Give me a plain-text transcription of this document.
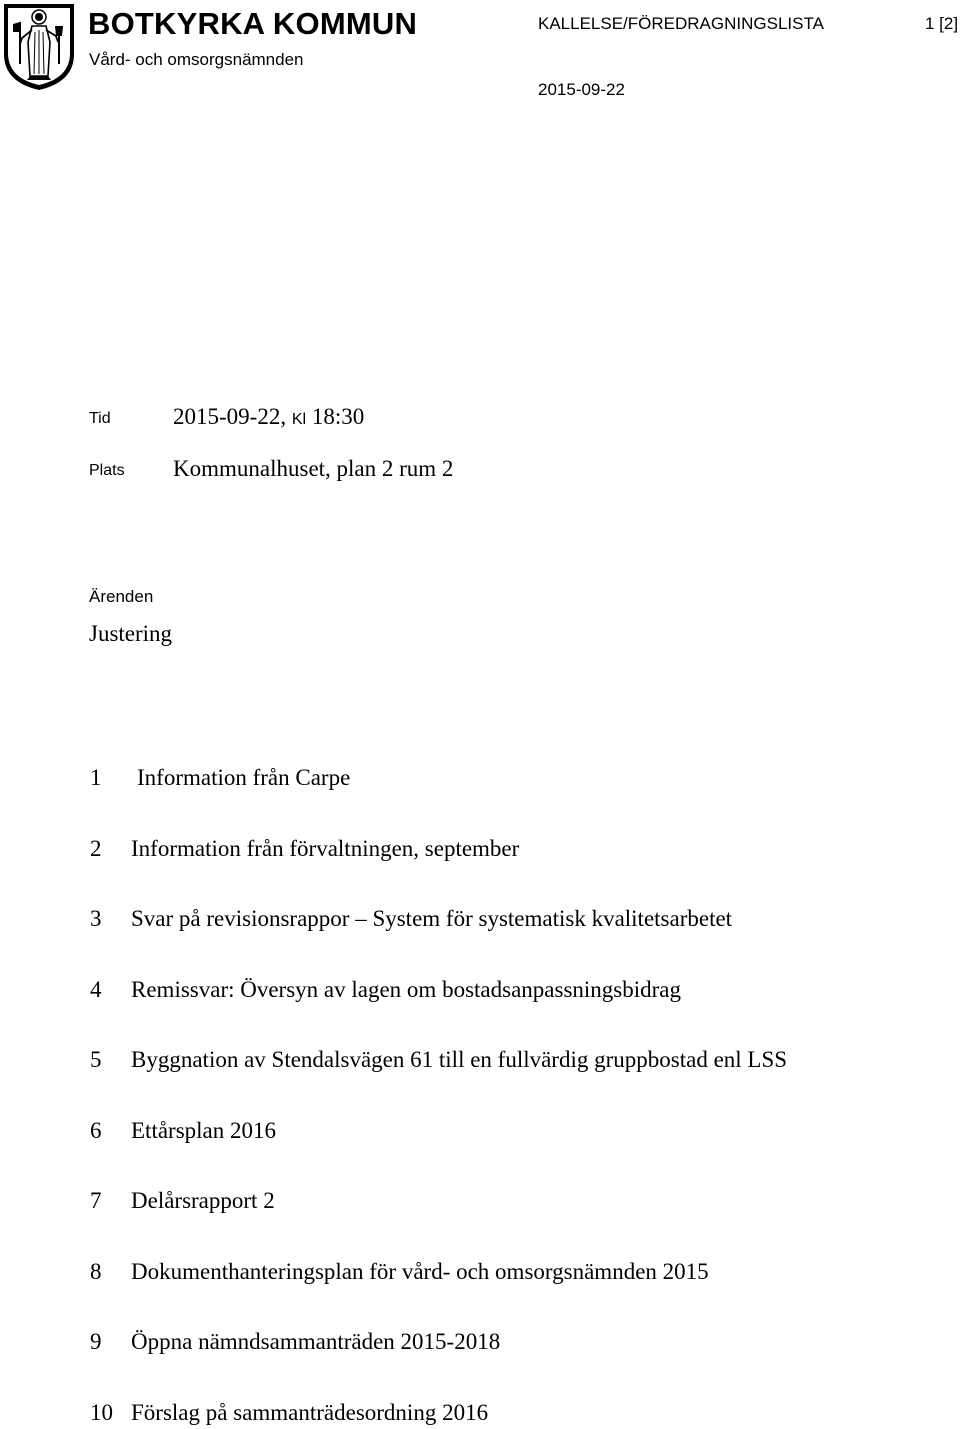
BOTKYRKA KOMMUN
Vård- och omsorgsnämnden
KALLELSE/FÖREDRAGNINGSLISTA	1 [2]
2015-09-22
Tid	2015-09-22, Kl 18:30
Plats Kommunalhuset, plan 2 rum 2
Ärenden
Justering
1 Information från Carpe
2 Information från förvaltningen, september
3 Svar på revisionsrappor – System för systematisk kvalitetsarbetet
4 Remissvar: Översyn av lagen om bostadsanpassningsbidrag
5 Byggnation av Stendalsvägen 61 till en fullvärdig gruppbostad enl LSS
6 Ettårsplan 2016
7 Delårsrapport 2
8 Dokumenthanteringsplan för vård- och omsorgsnämnden 2015
9 Öppna nämndsammanträden 2015-2018
10 Förslag på sammanträdesordning 2016
